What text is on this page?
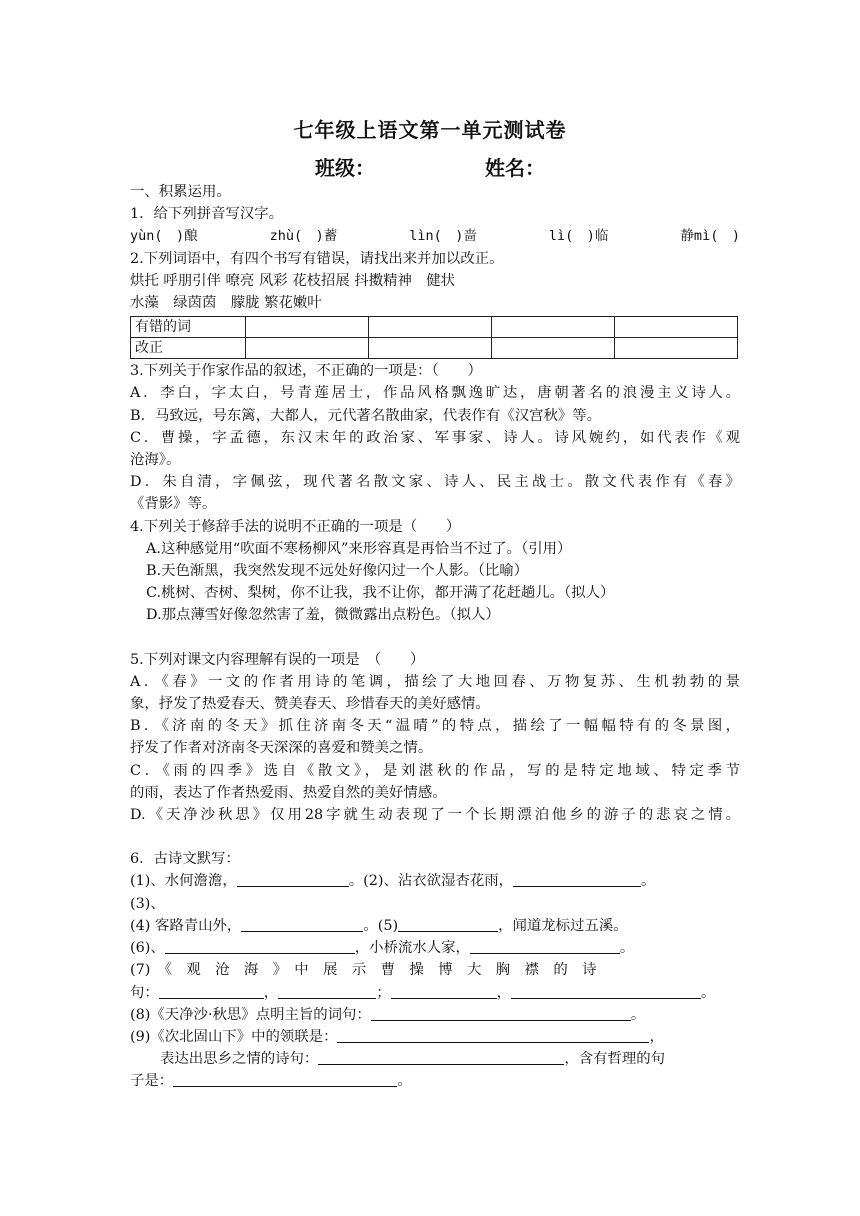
七年级上语文第一单元测试卷
班级：	姓名：
一、积累运用。
1．给下列拼音写汉字。
yùn(　)酿	zhù(　)蓄	lìn(　)啬	lì(　)临	静mì(　)
2.下列词语中，有四个书写有错误，请找出来并加以改正。
烘托 呼朋引伴 嘹亮 风彩 花枝招展 抖擞精神　健状
水藻　绿茵茵　朦胧 繁花嫩叶
有错的词				
改正				
3.下列关于作家作品的叙述，不正确的一项是：（　　）
A．李白，字太白，号青莲居士，作品风格飘逸旷达，唐朝著名的浪漫主义诗人。
B．马致远，号东篱，大都人，元代著名散曲家，代表作有《汉宫秋》等。
C．曹操，字孟德，东汉末年的政治家、军事家、诗人。诗风婉约，如代表作《观
沧海》。
D．朱自清，字佩弦，现代著名散文家、诗人、民主战士。散文代表作有《春》
《背影》等。
4.下列关于修辞手法的说明不正确的一项是（　　）
A.这种感觉用“吹面不寒杨柳风”来形容真是再恰当不过了。（引用）
B.天色渐黑，我突然发现不远处好像闪过一个人影。（比喻）
C.桃树、杏树、梨树，你不让我，我不让你，都开满了花赶趟儿。（拟人）
D.那点薄雪好像忽然害了羞，微微露出点粉色。（拟人）
5.下列对课文内容理解有误的一项是　（　　）
A．《春》一文的作者用诗的笔调，描绘了大地回春、万物复苏、生机勃勃的景
象，抒发了热爱春天、赞美春天、珍惜春天的美好感情。
B．《济南的冬天》抓住济南冬天“温晴”的特点，描绘了一幅幅特有的冬景图，
抒发了作者对济南冬天深深的喜爱和赞美之情。
C．《雨的四季》选自《散文》，是刘湛秋的作品，写的是特定地域、特定季节
的雨，表达了作者热爱雨、热爱自然的美好情感。
D.《天净沙秋思》仅用28字就生动表现了一个长期漂泊他乡的游子的悲哀之情。
6．古诗文默写：
(1)、水何澹澹，	。(2)、沾衣欲湿杏花雨，	。
(3)、
(4) 客路青山外，	。(5)	，闻道龙标过五溪。
(6)、	，小桥流水人家，	。
(7)　《　观　沧　海　》　中　展　示　曹　操　博　大　胸　襟　的　诗
句：	，	；	，	。
(8)《天净沙·秋思》点明主旨的词句：	。
(9)《次北固山下》中的领联是：	，
表达出思乡之情的诗句：	，含有哲理的句
子是：	。
